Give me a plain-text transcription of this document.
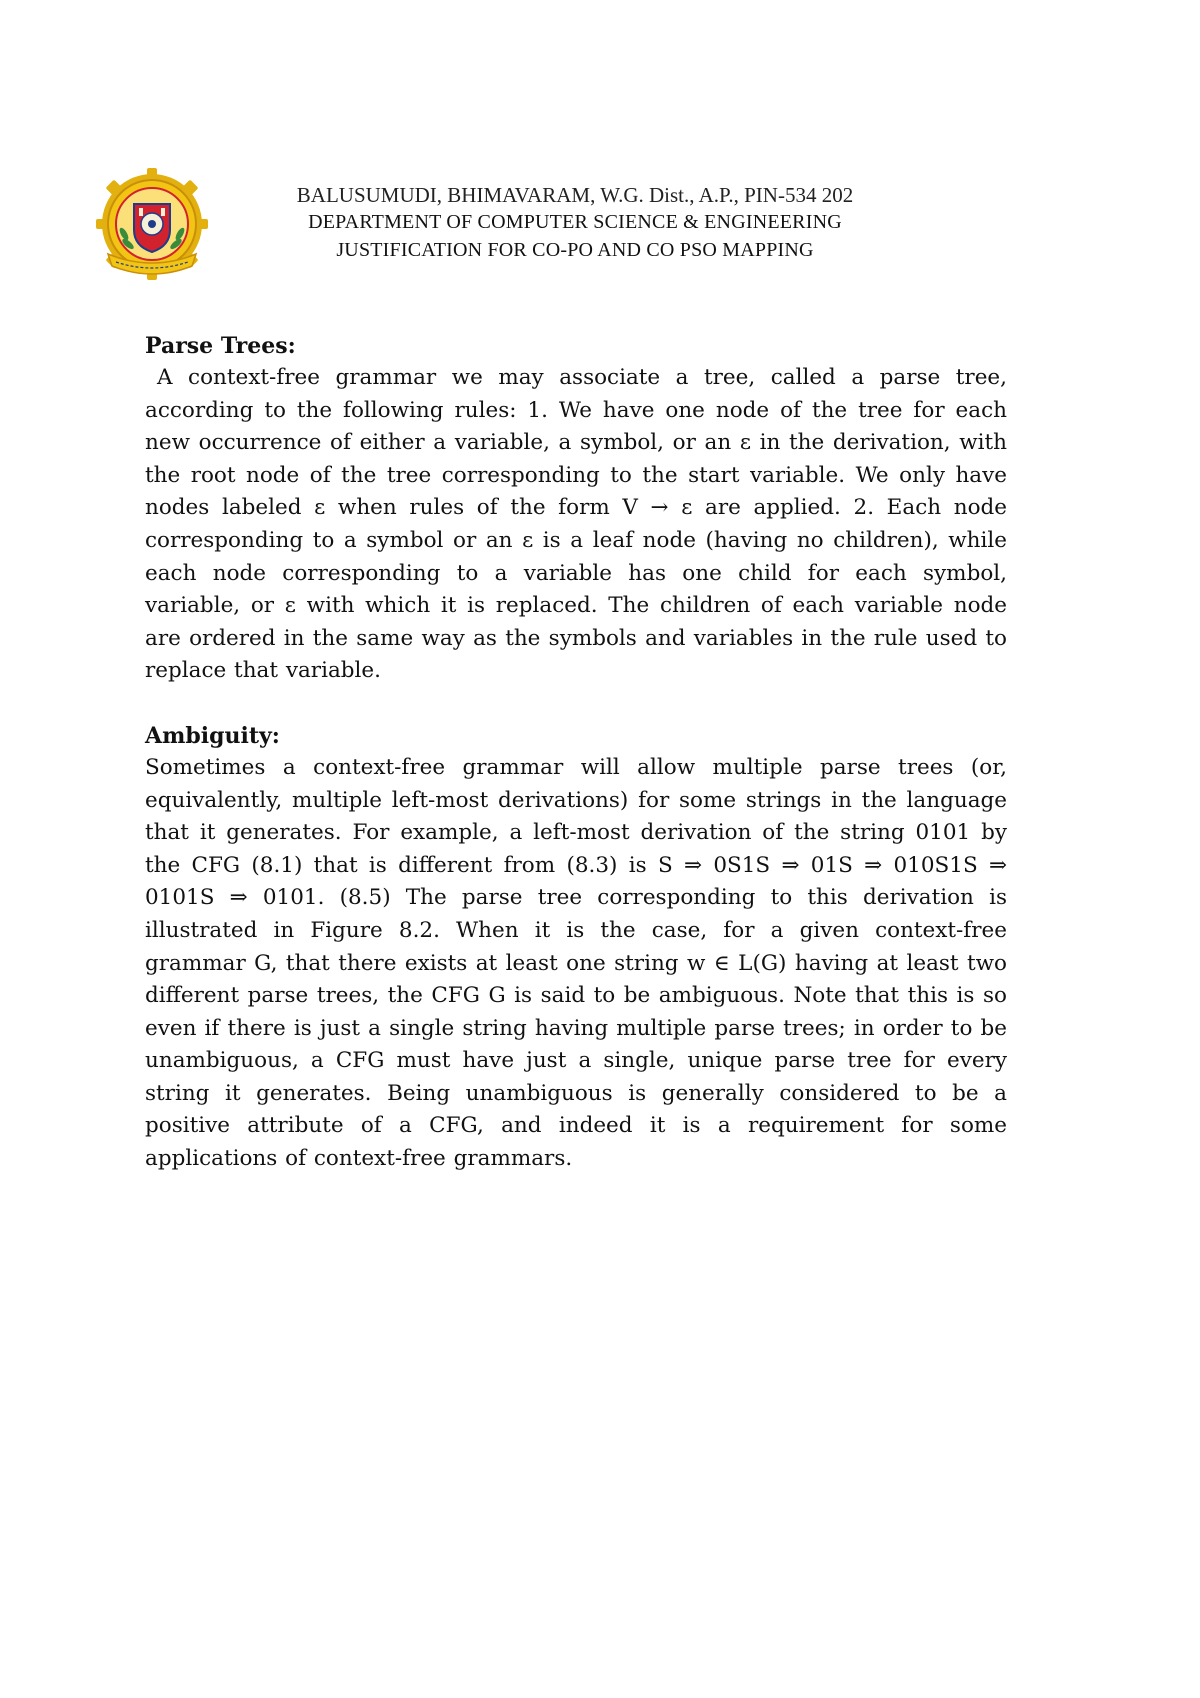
BALUSUMUDI, BHIMAVARAM, W.G. Dist., A.P., PIN-534 202
DEPARTMENT OF COMPUTER SCIENCE & ENGINEERING
JUSTIFICATION FOR CO-PO AND CO PSO MAPPING

Parse Trees:

A context-free grammar we may associate a tree, called a parse tree, according to the following rules: 1. We have one node of the tree for each new occurrence of either a variable, a symbol, or an ε in the derivation, with the root node of the tree corresponding to the start variable. We only have nodes labeled ε when rules of the form V → ε are applied. 2. Each node corresponding to a symbol or an ε is a leaf node (having no children), while each node corresponding to a variable has one child for each symbol, variable, or ε with which it is replaced. The children of each variable node are ordered in the same way as the symbols and variables in the rule used to replace that variable.

Ambiguity:

Sometimes a context-free grammar will allow multiple parse trees (or, equivalently, multiple left-most derivations) for some strings in the language that it generates. For example, a left-most derivation of the string 0101 by the CFG (8.1) that is different from (8.3) is S ⇒ 0S1S ⇒ 01S ⇒ 010S1S ⇒ 0101S ⇒ 0101. (8.5) The parse tree corresponding to this derivation is illustrated in Figure 8.2. When it is the case, for a given context-free grammar G, that there exists at least one string w ∈ L(G) having at least two different parse trees, the CFG G is said to be ambiguous. Note that this is so even if there is just a single string having multiple parse trees; in order to be unambiguous, a CFG must have just a single, unique parse tree for every string it generates. Being unambiguous is generally considered to be a positive attribute of a CFG, and indeed it is a requirement for some applications of context-free grammars.
